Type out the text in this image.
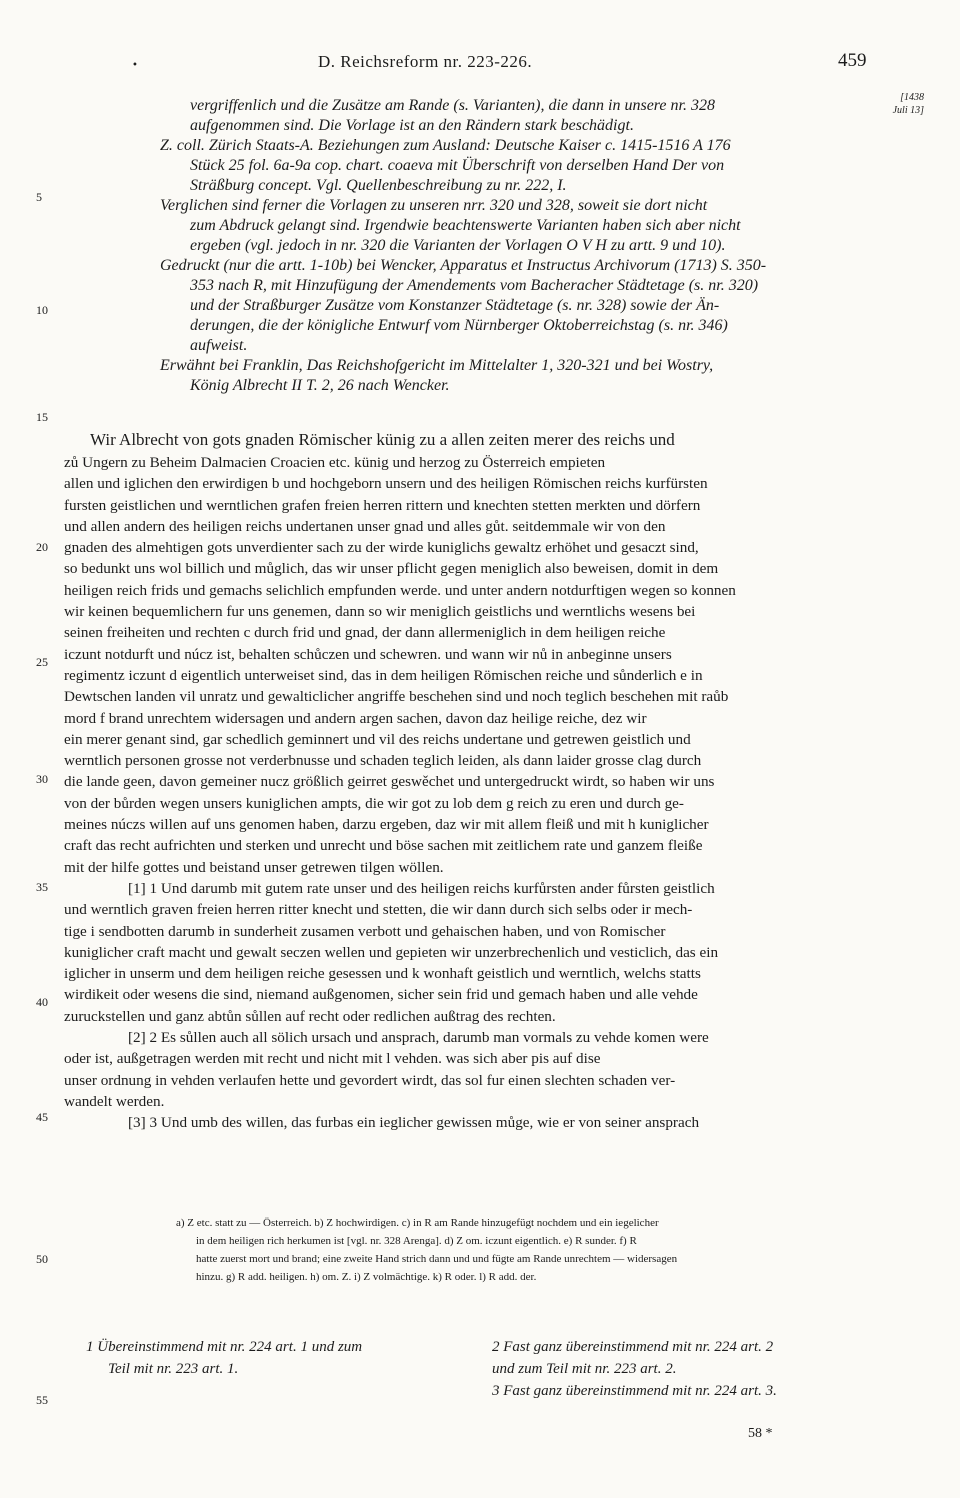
•	D. Reichsreform nr. 223-226.	459
[1438
Juli 13]
5
10
15
20
25
30
35
40
45
50
55
vergriffenlich und die Zusätze am Rande (s. Varianten), die dann in unsere nr. 328
aufgenommen sind. Die Vorlage ist an den Rändern stark beschädigt.
Z. coll. Zürich Staats-A. Beziehungen zum Ausland: Deutsche Kaiser c. 1415-1516 A 176
Stück 25 fol. 6a-9a cop. chart. coaeva mit Überschrift von derselben Hand Der von
Sträßburg concept. Vgl. Quellenbeschreibung zu nr. 222, I.
Verglichen sind ferner die Vorlagen zu unseren nrr. 320 und 328, soweit sie dort nicht
zum Abdruck gelangt sind. Irgendwie beachtenswerte Varianten haben sich aber nicht
ergeben (vgl. jedoch in nr. 320 die Varianten der Vorlagen O V H zu artt. 9 und 10).
Gedruckt (nur die artt. 1-10b) bei Wencker, Apparatus et Instructus Archivorum (1713) S. 350-
353 nach R, mit Hinzufügung der Amendements vom Bacheracher Städtetage (s. nr. 320)
und der Straßburger Zusätze vom Konstanzer Städtetage (s. nr. 328) sowie der Än-
derungen, die der königliche Entwurf vom Nürnberger Oktoberreichstag (s. nr. 346)
aufweist.
Erwähnt bei Franklin, Das Reichshofgericht im Mittelalter 1, 320-321 und bei Wostry,
König Albrecht II T. 2, 26 nach Wencker.
Wir Albrecht von gots gnaden Römischer künig zu a allen zeiten merer des reichs und
zů Ungern zu Beheim Dalmacien Croacien etc. künig und herzog zu Österreich empieten
allen und iglichen den erwirdigen b und hochgeborn unsern und des heiligen Römischen reichs kurfürsten
fursten geistlichen und werntlichen grafen freien herren rittern und knechten stetten merkten und dörfern
und allen andern des heiligen reichs undertanen unser gnad und alles gůt. seitdemmale wir von den
gnaden des almehtigen gots unverdienter sach zu der wirde kuniglichs gewaltz erhöhet und gesaczt sind,
so bedunkt uns wol billich und můglich, das wir unser pflicht gegen meniglich also beweisen, domit in dem
heiligen reich frids und gemachs selichlich empfunden werde. und unter andern notdurftigen wegen so konnen
wir keinen bequemlichern fur uns genemen, dann so wir meniglich geistlichs und werntlichs wesens bei
seinen freiheiten und rechten c durch frid und gnad, der dann allermeniglich in dem heiligen reiche
iczunt notdurft und núcz ist, behalten schůczen und schewren. und wann wir nů in anbeginne unsers
regimentz iczunt d eigentlich unterweiset sind, das in dem heiligen Römischen reiche und sůnderlich e in
Dewtschen landen vil unratz und gewalticlicher angriffe beschehen sind und noch teglich beschehen mit raůb
mord f brand unrechtem widersagen und andern argen sachen, davon daz heilige reiche, dez wir
ein merer genant sind, gar schedlich geminnert und vil des reichs undertane und getrewen geistlich und
werntlich personen grosse not verderbnusse und schaden teglich leiden, als dann laider grosse clag durch
die lande geen, davon gemeiner nucz größlich geirret geswěchet und untergedruckt wirdt, so haben wir uns
von der bůrden wegen unsers kuniglichen ampts, die wir got zu lob dem g reich zu eren und durch ge-
meines núczs willen auf uns genomen haben, darzu ergeben, daz wir mit allem fleiß und mit h kuniglicher
craft das recht aufrichten und sterken und unrecht und böse sachen mit zeitlichem rate und ganzem fleiße
mit der hilfe gottes und beistand unser getrewen tilgen wöllen.
[1] 1 Und darumb mit gutem rate unser und des heiligen reichs kurfůrsten ander fůrsten geistlich
und werntlich graven freien herren ritter knecht und stetten, die wir dann durch sich selbs oder ir mech-
tige i sendbotten darumb in sunderheit zusamen verbott und gehaischen haben, und von Romischer
kuniglicher craft macht und gewalt seczen wellen und gepieten wir unzerbrechenlich und vesticlich, das ein
iglicher in unserm und dem heiligen reiche gesessen und k wonhaft geistlich und werntlich, welchs statts
wirdikeit oder wesens die sind, niemand außgenomen, sicher sein frid und gemach haben und alle vehde
zuruckstellen und ganz abtůn sůllen auf recht oder redlichen außtrag des rechten.
[2] 2 Es sůllen auch all sölich ursach und ansprach, darumb man vormals zu vehde komen were
oder ist, außgetragen werden mit recht und nicht mit l vehden. was sich aber pis auf dise
unser ordnung in vehden verlaufen hette und gevordert wirdt, das sol fur einen slechten schaden ver-
wandelt werden.
[3] 3 Und umb des willen, das furbas ein ieglicher gewissen můge, wie er von seiner ansprach
a) Z etc. statt zu — Österreich. b) Z hochwirdigen. c) in R am Rande hinzugefügt nochdem und ein iegelicher
in dem heiligen rich herkumen ist [vgl. nr. 328 Arenga]. d) Z om. iczunt eigentlich. e) R sunder. f) R
hatte zuerst mort und brand; eine zweite Hand strich dann und und fügte am Rande unrechtem — widersagen
hinzu. g) R add. heiligen. h) om. Z. i) Z volmächtige. k) R oder. l) R add. der.
1 Übereinstimmend mit nr. 224 art. 1 und zum
Teil mit nr. 223 art. 1.
2 Fast ganz übereinstimmend mit nr. 224 art. 2
und zum Teil mit nr. 223 art. 2.
3 Fast ganz übereinstimmend mit nr. 224 art. 3.
58 *
